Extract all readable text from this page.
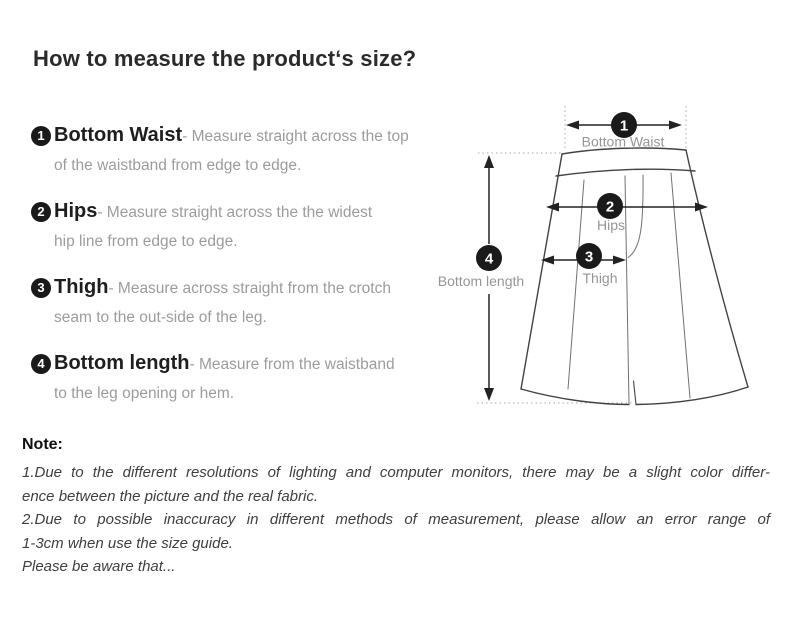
How to measure the product‘s size?
1 Bottom Waist- Measure straight across the top
of the waistband from edge to edge.
2 Hips- Measure straight across the the widest
hip line from edge to edge.
3 Thigh- Measure across straight from the crotch
seam to the out-side of the leg.
4 Bottom length- Measure from the waistband
to the leg opening or hem.
1
2
3
4
Bottom Waist
Hips
Thigh
Bottom length
Note:
1.Due to the different resolutions of lighting and computer monitors, there may be a slight color differ-
ence between the picture and the real fabric.
2.Due to possible inaccuracy in different methods of measurement, please allow an error range of
1-3cm when use the size guide.
Please be aware that...
